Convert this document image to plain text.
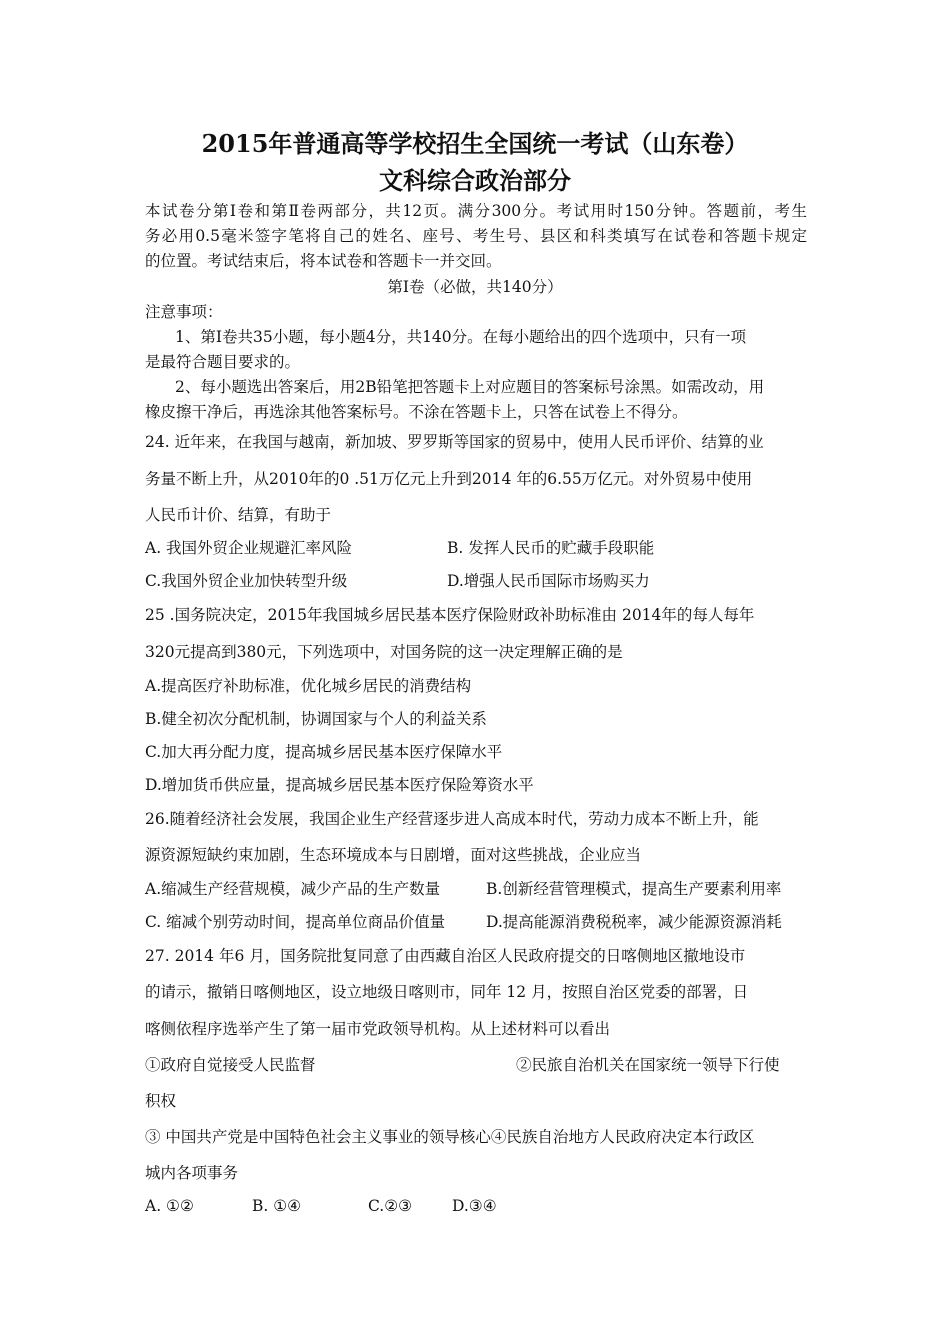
2015年普通高等学校招生全国统一考试（山东卷）
文科综合政治部分
本试卷分第Ⅰ卷和第Ⅱ卷两部分，共12页。满分300分。考试用时150分钟。答题前，考生
务必用0.5毫米签字笔将自己的姓名、座号、考生号、县区和科类填写在试卷和答题卡规定
的位置。考试结束后，将本试卷和答题卡一并交回。
第Ⅰ卷（必做，共140分）
注意事项：
1、第Ⅰ卷共35小题，每小题4分，共140分。在每小题给出的四个选项中，只有一项
是最符合题目要求的。
2、每小题选出答案后，用2B铅笔把答题卡上对应题目的答案标号涂黑。如需改动，用
橡皮擦干净后，再选涂其他答案标号。不涂在答题卡上，只答在试卷上不得分。
24. 近年来，在我国与越南，新加坡、罗罗斯等国家的贸易中，使用人民币评价、结算的业
务量不断上升，从2010年的0 .51万亿元上升到2014 年的6.55万亿元。对外贸易中使用
人民币计价、结算，有助于
A. 我国外贸企业规避汇率风险	B. 发挥人民币的贮藏手段职能
C.我国外贸企业加快转型升级	D.增强人民币国际市场购买力
25 .国务院决定，2015年我国城乡居民基本医疗保险财政补助标准由 2014年的每人每年
320元提高到380元，下列选项中，对国务院的这一决定理解正确的是
A.提高医疗补助标准，优化城乡居民的消费结构
B.健全初次分配机制，协调国家与个人的利益关系
C.加大再分配力度，提高城乡居民基本医疗保障水平
D.增加货币供应量，提高城乡居民基本医疗保险筹资水平
26.随着经济社会发展，我国企业生产经营逐步进人高成本时代，劳动力成本不断上升，能
源资源短缺约束加剧，生态环境成本与日剧增，面对这些挑战，企业应当
A.缩减生产经营规模，减少产品的生产数量	B.创新经营管理模式，提高生产要素利用率
C. 缩减个别劳动时间，提高单位商品价值量	D.提高能源消费税税率，减少能源资源消耗
27. 2014 年6 月，国务院批复同意了由西藏自治区人民政府提交的日喀侧地区撤地设市
的请示，撤销日喀侧地区，设立地级日喀则市，同年 12 月，按照自治区党委的部署，日
喀侧依程序选举产生了第一届市党政领导机构。从上述材料可以看出
①政府自觉接受人民监督	②民旅自治机关在国家统一领导下行使
积权
③ 中国共产党是中国特色社会主义事业的领导核心④民族自治地方人民政府决定本行政区
城内各项事务
A. ①②	B. ①④	C.②③	D.③④
